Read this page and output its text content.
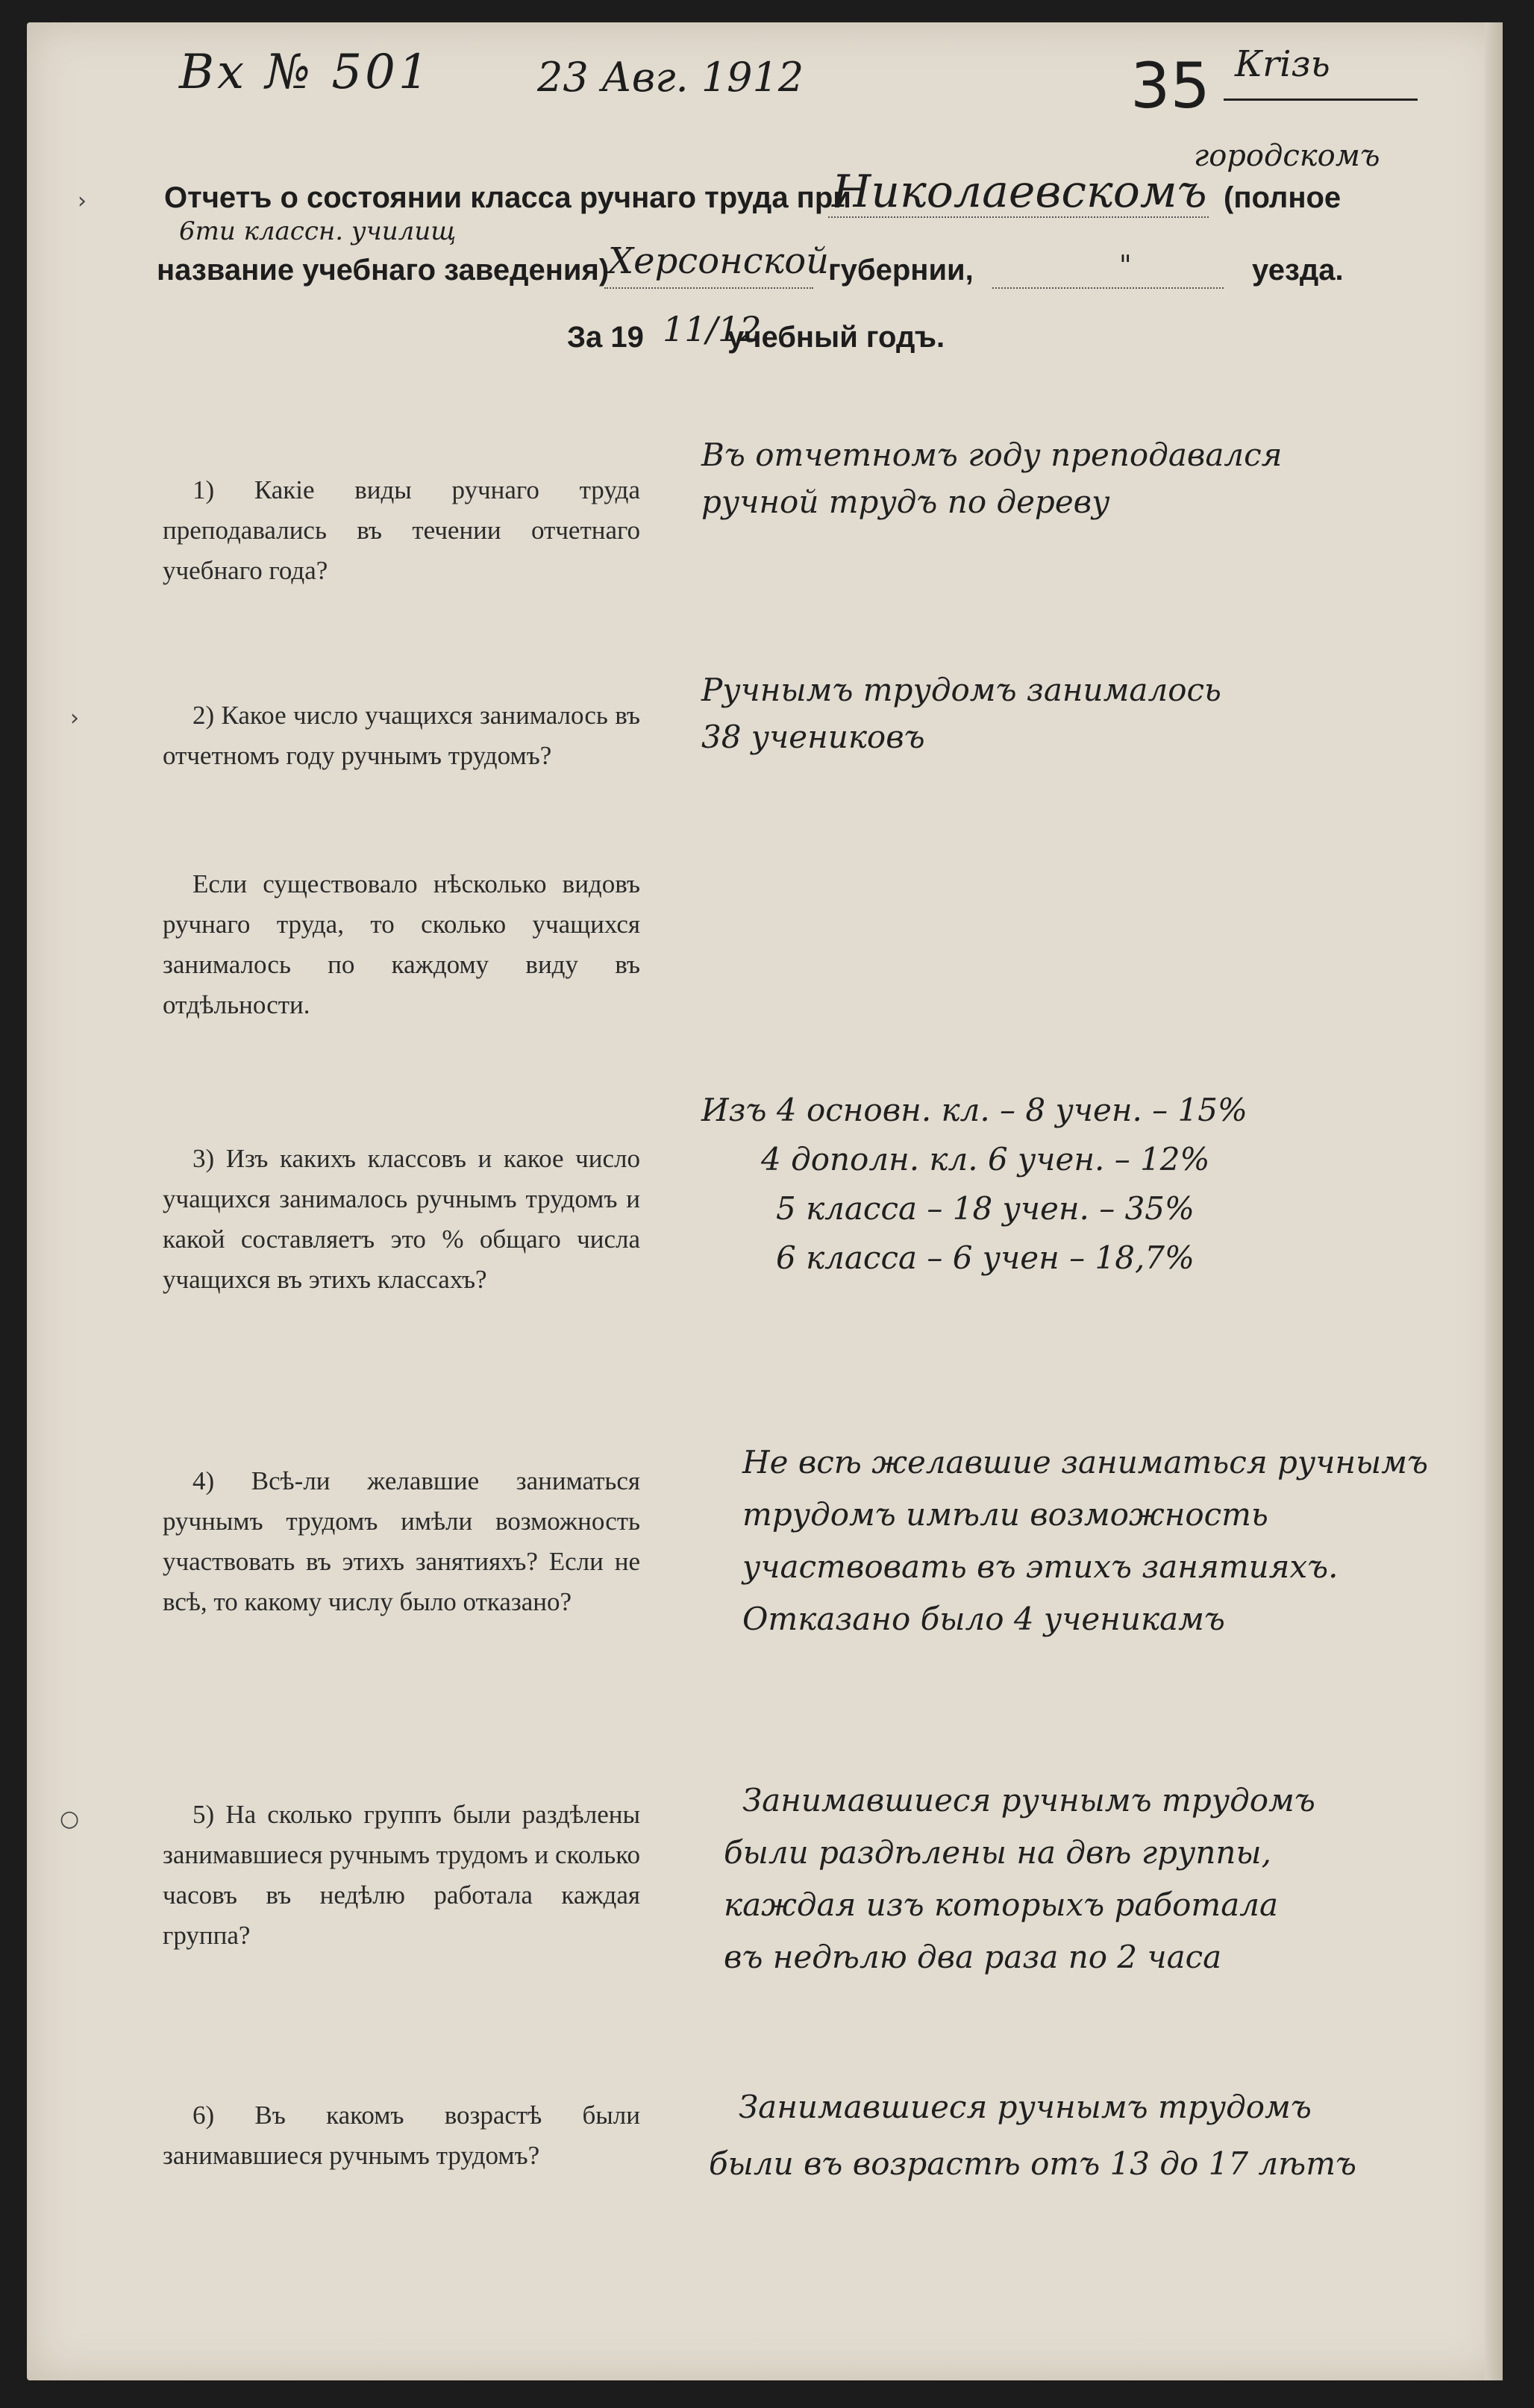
Вх № 501	23 Авг. 1912	35 Кriзь
городскомъ
Отчетъ о состоянии класса ручнаго труда при
Николаевскомъ (полное
6ти классн. училищ
название учебнаго заведения)
Херсонской
губернии,	"	уезда.
За 19 11/12
учебный годъ.
›
›
○

1) Какie виды ручнаго труда преподавались въ течении отчетнаго учебнаго года?

Въ отчетномъ году преподавался
ручной трудъ по дереву

2) Какое число учащихся занималось въ отчетномъ году ручнымъ трудомъ?

Если существовало нѣсколько видовъ ручнаго труда, то сколько учащихся занималось по каждому виду въ отдѣльности.

Ручнымъ трудомъ занималось
38 учениковъ

3) Изъ какихъ классовъ и какое число учащихся занималось ручнымъ трудомъ и какой составляетъ это % общаго числа учащихся въ этихъ классахъ?

Изъ 4 основн. кл. – 8 учен. – 15%
4 дополн. кл. 6 учен. – 12%
5 класса – 18 учен. – 35%
6 класса – 6 учен – 18,7%

4) Всѣ-ли желавшие заниматься ручнымъ трудомъ имѣли возможность участвовать въ этихъ занятияхъ? Если не всѣ, то какому числу было отказано?

Не всѣ желавшие заниматься ручнымъ
трудомъ имѣли возможность
участвовать въ этихъ занятияхъ.
Отказано было 4 ученикамъ

5) На сколько группъ были раздѣлены занимавшиеся ручнымъ трудомъ и сколько часовъ въ недѣлю работала каждая группа?

Занимавшиеся ручнымъ трудомъ
были раздѣлены на двѣ группы,
каждая изъ которыхъ работала
въ недѣлю два раза по 2 часа

6) Въ какомъ возрастѣ были занимавшиеся ручнымъ трудомъ?

Занимавшиеся ручнымъ трудомъ
были въ возрастѣ отъ 13 до 17 лѣтъ
